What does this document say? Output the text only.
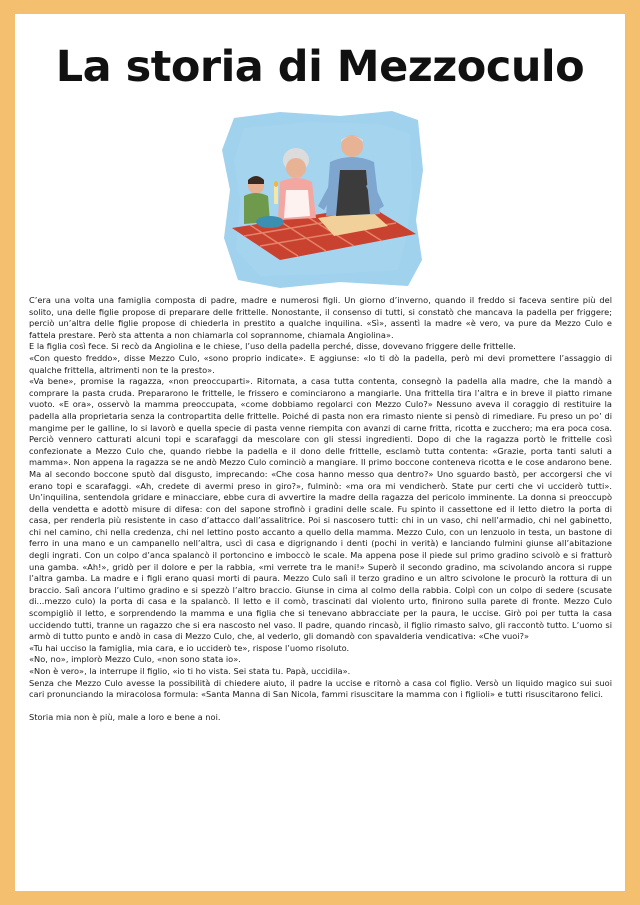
La storia di Mezzoculo

C’era una volta una famiglia composta di padre, madre e numerosi figli. Un giorno d’inverno, quando il freddo si faceva sentire più del solito, una delle figlie propose di preparare delle frittelle. Nonostante, il consenso di tutti, si constatò che mancava la padella per friggere; perciò un’altra delle figlie propose di chiederla in prestito a qualche inquilina. «Sì», assentì la madre «è vero, va pure da Mezzo Culo e fattela prestare. Però sta attenta a non chiamarla col soprannome, chiamala Angiolina».

E la figlia così fece. Si recò da Angiolina e le chiese, l’uso della padella perché, disse, dovevano friggere delle frittelle.

«Con questo freddo», disse Mezzo Culo, «sono proprio indicate». E aggiunse: «Io ti dò la padella, però mi devi promettere l’assaggio di qualche frittella, altrimenti non te la presto».

«Va bene», promise la ragazza, «non preoccuparti». Ritornata, a casa tutta contenta, consegnò la padella alla madre, che la mandò a comprare la pasta cruda. Prepararono le frittelle, le frissero e cominciarono a mangiarle. Una frittella tira l’altra e in breve il piatto rimane vuoto. «E ora», osservò la mamma preoccupata, «come dobbiamo regolarci con Mezzo Culo?» Nessuno aveva il coraggio di restituire la padella alla proprietaria senza la contropartita delle frittelle. Poiché di pasta non era rimasto niente si pensò di rimediare. Fu preso un po’ di mangime per le galline, lo si lavorò e quella specie di pasta venne riempita con avanzi di carne fritta, ricotta e zucchero; ma era poca cosa. Perciò vennero catturati alcuni topi e scarafaggi da mescolare con gli stessi ingredienti. Dopo di che la ragazza portò le frittelle così confezionate a Mezzo Culo che, quando riebbe la padella e il dono delle frittelle, esclamò tutta contenta: «Grazie, porta tanti saluti a mamma». Non appena la ragazza se ne andò Mezzo Culo cominciò a mangiare. Il primo boccone conteneva ricotta e le cose andarono bene. Ma al secondo boccone sputò dal disgusto, imprecando: «Che cosa hanno messo qua dentro?» Uno sguardo bastò, per accorgersi che vi erano topi e scarafaggi. «Ah, credete di avermi preso in giro?», fulminò: «ma ora mi vendicherò. State pur certi che vi ucciderò tutti». Un’inquilina, sentendola gridare e minacciare, ebbe cura di avvertire la madre della ragazza del pericolo imminente. La donna si preoccupò della vendetta e adottò misure di difesa: con del sapone strofinò i gradini delle scale. Fu spinto il cassettone ed il letto dietro la porta di casa, per renderla più resistente in caso d’attacco dall’assalitrice. Poi si nascosero tutti: chi in un vaso, chi nell’armadio, chi nel gabinetto, chi nel camino, chi nella credenza, chi nel lettino posto accanto a quello della mamma. Mezzo Culo, con un lenzuolo in testa, un bastone di ferro in una mano e un campanello nell’altra, uscì di casa e digrignando i denti (pochi in verità) e lanciando fulmini giunse all’abitazione degli ingrati. Con un colpo d’anca spalancò il portoncino e imboccò le scale. Ma appena pose il piede sul primo gradino scivolò e si fratturò una gamba. «Ah!», gridò per il dolore e per la rabbia, «mi verrete tra le mani!» Superò il secondo gradino, ma scivolando ancora si ruppe l’altra gamba. La madre e i figli erano quasi morti di paura. Mezzo Culo salì il terzo gradino e un altro scivolone le procurò la rottura di un braccio. Salì ancora l’ultimo gradino e si spezzò l’altro braccio. Giunse in cima al colmo della rabbia. Colpì con un colpo di sedere (scusate di...mezzo culo) la porta di casa e la spalancò. Il letto e il comò, trascinati dal violento urto, finirono sulla parete di fronte. Mezzo Culo scompigliò il letto, e sorprendendo la mamma e una figlia che si tenevano abbracciate per la paura, le uccise. Girò poi per tutta la casa uccidendo tutti, tranne un ragazzo che si era nascosto nel vaso. Il padre, quando rincasò, il figlio rimasto salvo, gli raccontò tutto. L’uomo si armò di tutto punto e andò in casa di Mezzo Culo, che, al vederlo, gli domandò con spavalderia vendicativa: «Che vuoi?»

«Tu hai ucciso la famiglia, mia cara, e io ucciderò te», rispose l’uomo risoluto.

«No, no», implorò Mezzo Culo, «non sono stata io».

«Non è vero», la interrupe il figlio, «io ti ho vista. Sei stata tu. Papà, uccidila».

Senza che Mezzo Culo avesse la possibilità di chiedere aiuto, il padre la uccise e ritornò a casa col figlio. Versò un liquido magico sui suoi cari pronunciando la miracolosa formula: «Santa Manna di San Nicola, fammi risuscitare la mamma con i figlioli» e tutti risuscitarono felici.

Storia mia non è più, male a loro e bene a noi.
